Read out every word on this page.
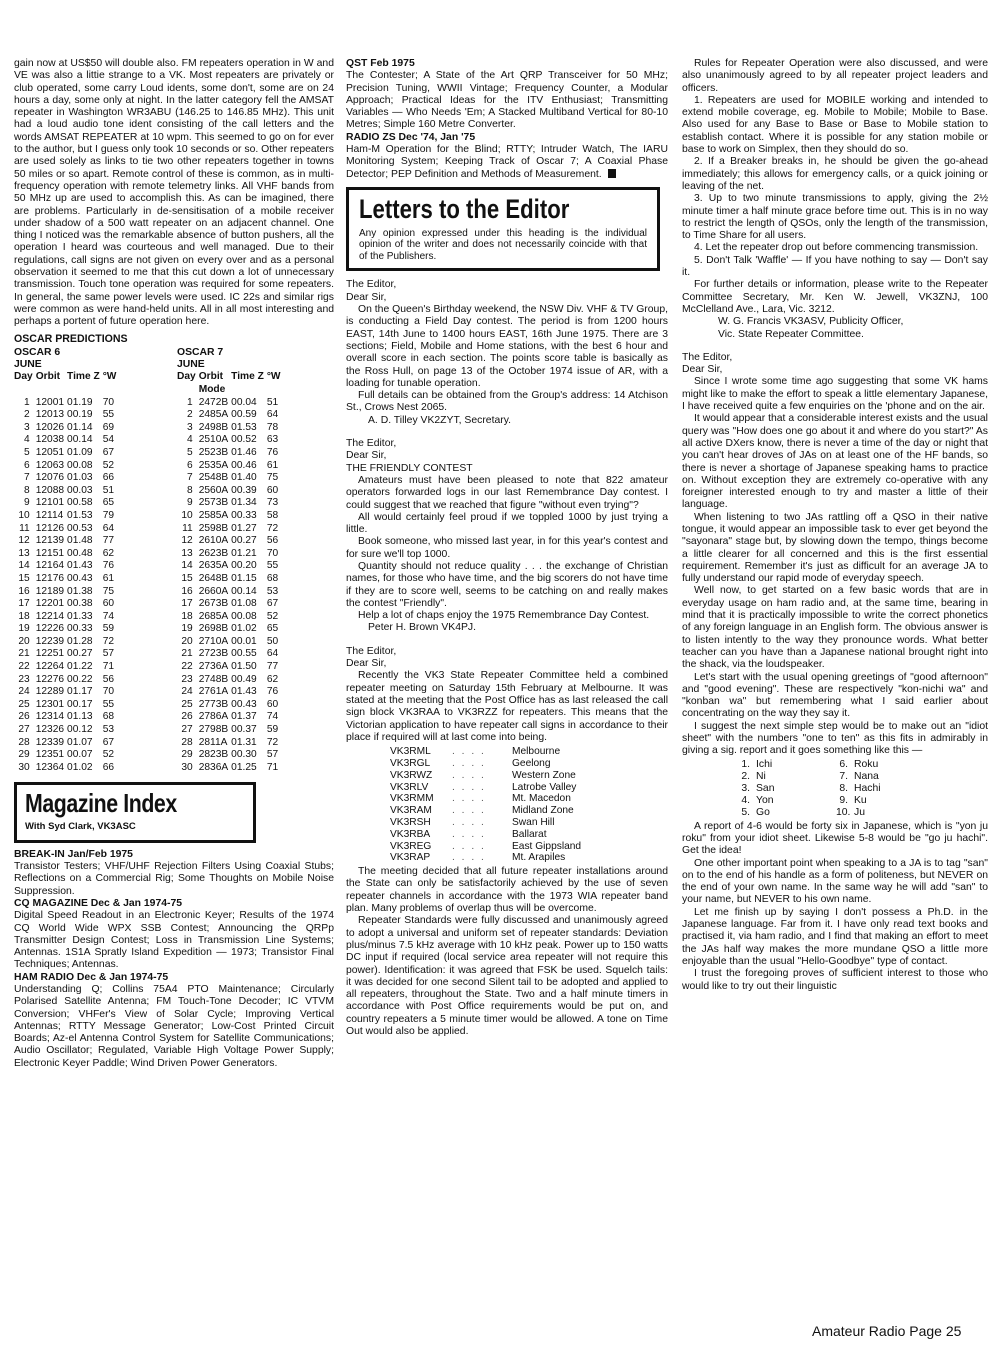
gain now at US$50 will double also. FM repeaters operation in W and VE was also a littie strange to a VK. Most repeaters are privately or club operated, some carry Loud idents, some don't, some are on 24 hours a day, some only at night. In the latter category fell the AMSAT repeater in Washington WR3ABU (146.25 to 146.85 MHz). This unit had a loud audio tone ident consisting of the call letters and the words AMSAT REPEATER at 10 wpm. This seemed to go on for ever to the author, but I guess only took 10 seconds or so. Other repeaters are used solely as links to tie two other repeaters together in towns 50 miles or so apart. Remote control of these is common, as in multi-frequency operation with remote telemetry links. All VHF bands from 50 MHz up are used to accomplish this. As can be imagined, there are problems. Particularly in de-sensitisation of a mobile receiver under shadow of a 500 watt repeater on an adjacent channel. One thing I noticed was the remarkable absence of button pushers, all the operation I heard was courteous and well managed. Due to their regulations, call signs are not given on every over and as a personal observation it seemed to me that this cut down a lot of unnecessary transmission. Touch tone operation was required for some repeaters. In general, the same power levels were used. IC 22s and similar rigs were common as were hand-held units. All in all most interesting and perhaps a portent of future operation here.

OSCAR PREDICTIONS
OSCAR 6
JUNE
Day	Orbit	Time Z	°W

1	12001	01.19	70
2	12013	00.19	55
3	12026	01.14	69
4	12038	00.14	54
5	12051	01.09	67
6	12063	00.08	52
7	12076	01.03	66
8	12088	00.03	51
9	12101	00.58	65
10	12114	01.53	79
11	12126	00.53	64
12	12139	01.48	77
13	12151	00.48	62
14	12164	01.43	76
15	12176	00.43	61
16	12189	01.38	75
17	12201	00.38	60
18	12214	01.33	74
19	12226	00.33	59
20	12239	01.28	72
21	12251	00.27	57
22	12264	01.22	71
23	12276	00.22	56
24	12289	01.17	70
25	12301	00.17	55
26	12314	01.13	68
27	12326	00.12	53
28	12339	01.07	67
29	12351	00.07	52
30	12364	01.02	66
OSCAR 7
JUNE
Day	Orbit	Time Z	°W
	Mode		
1	2472B	00.04	51
2	2485A	00.59	64
3	2498B	01.53	78
4	2510A	00.52	63
5	2523B	01.46	76
6	2535A	00.46	61
7	2548B	01.40	75
8	2560A	00.39	60
9	2573B	01.34	73
10	2585A	00.33	58
11	2598B	01.27	72
12	2610A	00.27	56
13	2623B	01.21	70
14	2635A	00.20	55
15	2648B	01.15	68
16	2660A	00.14	53
17	2673B	01.08	67
18	2685A	00.08	52
19	2698B	01.02	65
20	2710A	00.01	50
21	2723B	00.55	64
22	2736A	01.50	77
23	2748B	00.49	62
24	2761A	01.43	76
25	2773B	00.43	60
26	2786A	01.37	74
27	2798B	00.37	59
28	2811A	01.31	72
29	2823B	00.30	57
30	2836A	01.25	71
Magazine Index
With Syd Clark, VK3ASC
BREAK-IN Jan/Feb 1975

Transistor Testers; VHF/UHF Rejection Filters Using Coaxial Stubs; Reflections on a Commercial Rig; Some Thoughts on Mobile Noise Suppression.

CQ MAGAZINE Dec & Jan 1974-75

Digital Speed Readout in an Electronic Keyer; Results of the 1974 CQ World Wide WPX SSB Contest; Announcing the QRPp Transmitter Design Contest; Loss in Transmission Line Systems; Antennas. 1S1A Spratly Island Expedition — 1973; Transistor Final Techniques; Antennas.

HAM RADIO Dec & Jan 1974-75

Understanding Q; Collins 75A4 PTO Maintenance; Circularly Polarised Satellite Antenna; FM Touch-Tone Decoder; IC VTVM Conversion; VHFer's View of Solar Cycle; Improving Vertical Antennas; RTTY Message Generator; Low-Cost Printed Circuit Boards; Az-el Antenna Control System for Satellite Communications; Audio Oscillator; Regulated, Variable High Voltage Power Supply; Electronic Keyer Paddle; Wind Driven Power Generators.

QST Feb 1975

The Contester; A State of the Art QRP Transceiver for 50 MHz; Precision Tuning, WWII Vintage; Frequency Counter, a Modular Approach; Practical Ideas for the ITV Enthusiast; Transmitting Variables — Who Needs 'Em; A Stacked Multiband Vertical for 80-10 Metres; Simple 160 Metre Converter.

RADIO ZS Dec '74, Jan '75

Ham-M Operation for the Blind; RTTY; Intruder Watch, The IARU Monitoring System; Keeping Track of Oscar 7; A Coaxial Phase Detector; PEP Definition and Methods of Measurement.

Letters to the Editor
Any opinion expressed under this heading is the individual opinion of the writer and does not necessarily coincide with that of the Publishers.

The Editor,

Dear Sir,

On the Queen's Birthday weekend, the NSW Div. VHF & TV Group, is conducting a Field Day contest. The period is from 1200 hours EAST, 14th June to 1400 hours EAST, 16th June 1975. There are 3 sections; Field, Mobile and Home stations, with the best 6 hour and overall score in each section. The points score table is basically as the Ross Hull, on page 13 of the October 1974 issue of AR, with a loading for tunable operation.

Full details can be obtained from the Group's address: 14 Atchison St., Crows Nest 2065.

A. D. Tilley VK2ZYT, Secretary.

The Editor,

Dear Sir,

THE FRIENDLY CONTEST

Amateurs must have been pleased to note that 822 amateur operators forwarded logs in our last Remembrance Day contest. I could suggest that we reached that figure "without even trying"?

All would certainly feel proud if we toppled 1000 by just trying a little.

Book someone, who missed last year, in for this year's contest and for sure we'll top 1000.

Quantity should not reduce quality . . . the exchange of Christian names, for those who have time, and the big scorers do not have time if they are to score well, seems to be catching on and really makes the contest "Friendly".

Help a lot of chaps enjoy the 1975 Remembrance Day Contest.

Peter H. Brown VK4PJ.

The Editor,

Dear Sir,

Recently the VK3 State Repeater Committee held a combined repeater meeting on Saturday 15th February at Melbourne. It was stated at the meeting that the Post Office has as last released the call sign block VK3RAA to VK3RZZ for repeaters. This means that the Victorian application to have repeater call signs in accordance to their place if required will at last come into being.

VK3RML	. . . .	Melbourne
VK3RGL	. . . .	Geelong
VK3RWZ	. . . .	Western Zone
VK3RLV	. . . .	Latrobe Valley
VK3RMM	. . . .	Mt. Macedon
VK3RAM	. . . .	Midland Zone
VK3RSH	. . . .	Swan Hill
VK3RBA	. . . .	Ballarat
VK3REG	. . . .	East Gippsland
VK3RAP	. . . .	Mt. Arapiles

The meeting decided that all future repeater installations around the State can only be satisfactorily achieved by the use of seven repeater channels in accordance with the 1973 WIA repeater band plan. Many problems of overlap thus will be overcome.

Repeater Standards were fully discussed and unanimously agreed to adopt a universal and uniform set of repeater standards: Deviation plus/minus 7.5 kHz average with 10 kHz peak. Power up to 150 watts DC input if required (local service area repeater will not require this power). Identification: it was agreed that FSK be used. Squelch tails: it was decided for one second Silent tail to be adopted and applied to all repeaters, throughout the State. Two and a half minute timers in accordance with Post Office requirements would be put on, and country repeaters a 5 minute timer would be allowed. A tone on Time Out would also be applied.

Rules for Repeater Operation were also discussed, and were also unanimously agreed to by all repeater project leaders and officers.

1. Repeaters are used for MOBILE working and intended to extend mobile coverage, eg. Mobile to Mobile; Mobile to Base. Also used for any Base to Base or Base to Mobile station to establish contact. Where it is possible for any station mobile or base to work on Simplex, then they should do so.

2. If a Breaker breaks in, he should be given the go-ahead immediately; this allows for emergency calls, or a quick joining or leaving of the net.

3. Up to two minute transmissions to apply, giving the 2½ minute timer a half minute grace before time out. This is in no way to restrict the length of QSOs, only the length of the transmission, to Time Share for all users.

4. Let the repeater drop out before commencing transmission.

5. Don't Talk 'Waffle' — If you have nothing to say — Don't say it.

For further details or information, please write to the Repeater Committee Secretary, Mr. Ken W. Jewell, VK3ZNJ, 100 McClelland Ave., Lara, Vic. 3212.

W. G. Francis VK3ASV, Publicity Officer,

Vic. State Repeater Committee.

The Editor,

Dear Sir,

Since I wrote some time ago suggesting that some VK hams might like to make the effort to speak a little elementary Japanese, I have received quite a few enquiries on the 'phone and on the air.

It would appear that a considerable interest exists and the usual query was "How does one go about it and where do you start?" As all active DXers know, there is never a time of the day or night that you can't hear droves of JAs on at least one of the HF bands, so there is never a shortage of Japanese speaking hams to practice on. Without exception they are extremely co-operative with any foreigner interested enough to try and master a little of their language.

When listening to two JAs rattling off a QSO in their native tongue, it would appear an impossible task to ever get beyond the "sayonara" stage but, by slowing down the tempo, things become a little clearer for all concerned and this is the first essential requirement. Remember it's just as difficult for an average JA to fully understand our rapid mode of everyday speech.

Well now, to get started on a few basic words that are in everyday usage on ham radio and, at the same time, bearing in mind that it is practically impossible to write the correct phonetics of any foreign language in an English form. The obvious answer is to listen intently to the way they pronounce words. What better teacher can you have than a Japanese national brought right into the shack, via the loudspeaker.

Let's start with the usual opening greetings of "good afternoon" and "good evening". These are respectively "kon-nichi wa" and "konban wa" but remembering what I said earlier about concentrating on the way they say it.

I suggest the next simple step would be to make out an "idiot sheet" with the numbers "one to ten" as this fits in admirably in giving a sig. report and it goes something like this —

1. Ichi	6. Roku
2. Ni	7. Nana
3. San	8. Hachi
4. Yon	9. Ku
5. Go	10. Ju

A report of 4-6 would be forty six in Japanese, which is "yon ju roku" from your idiot sheet. Likewise 5-8 would be "go ju hachi". Get the idea!

One other important point when speaking to a JA is to tag "san" on to the end of his handle as a form of politeness, but NEVER on the end of your own name. In the same way he will add "san" to your name, but NEVER to his own name.

Let me finish up by saying I don't possess a Ph.D. in the Japanese language. Far from it. I have only read text books and practised it, via ham radio, and I find that making an effort to meet the JAs half way makes the more mundane QSO a little more enjoyable than the usual "Hello-Goodbye" type of contact.

I trust the foregoing proves of sufficient interest to those who would like to try out their linguistic

Amateur Radio Page 25
